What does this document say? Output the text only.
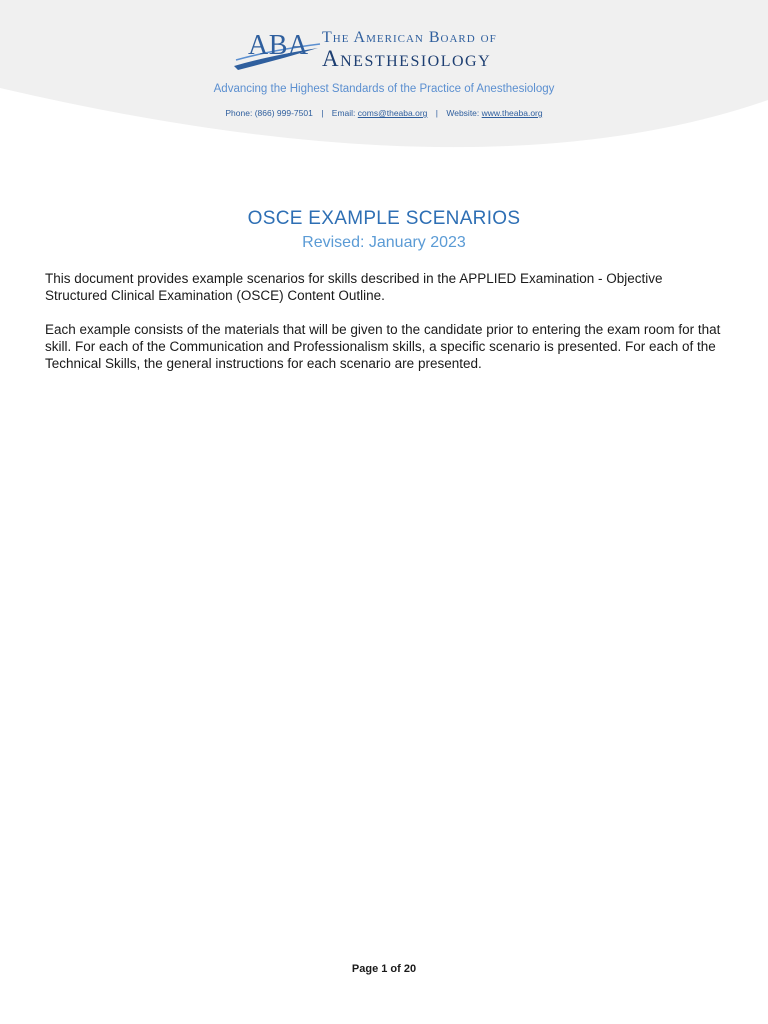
ABA The American Board of
Anesthesiology
Advancing the Highest Standards of the Practice of Anesthesiology
Phone: (866) 999-7501 | Email: coms@theaba.org | Website: www.theaba.org
OSCE EXAMPLE SCENARIOS
Revised: January 2023

This document provides example scenarios for skills described in the APPLIED Examination - Objective Structured Clinical Examination (OSCE) Content Outline.

Each example consists of the materials that will be given to the candidate prior to entering the exam room for that skill. For each of the Communication and Professionalism skills, a specific scenario is presented. For each of the Technical Skills, the general instructions for each scenario are presented.

Page 1 of 20
